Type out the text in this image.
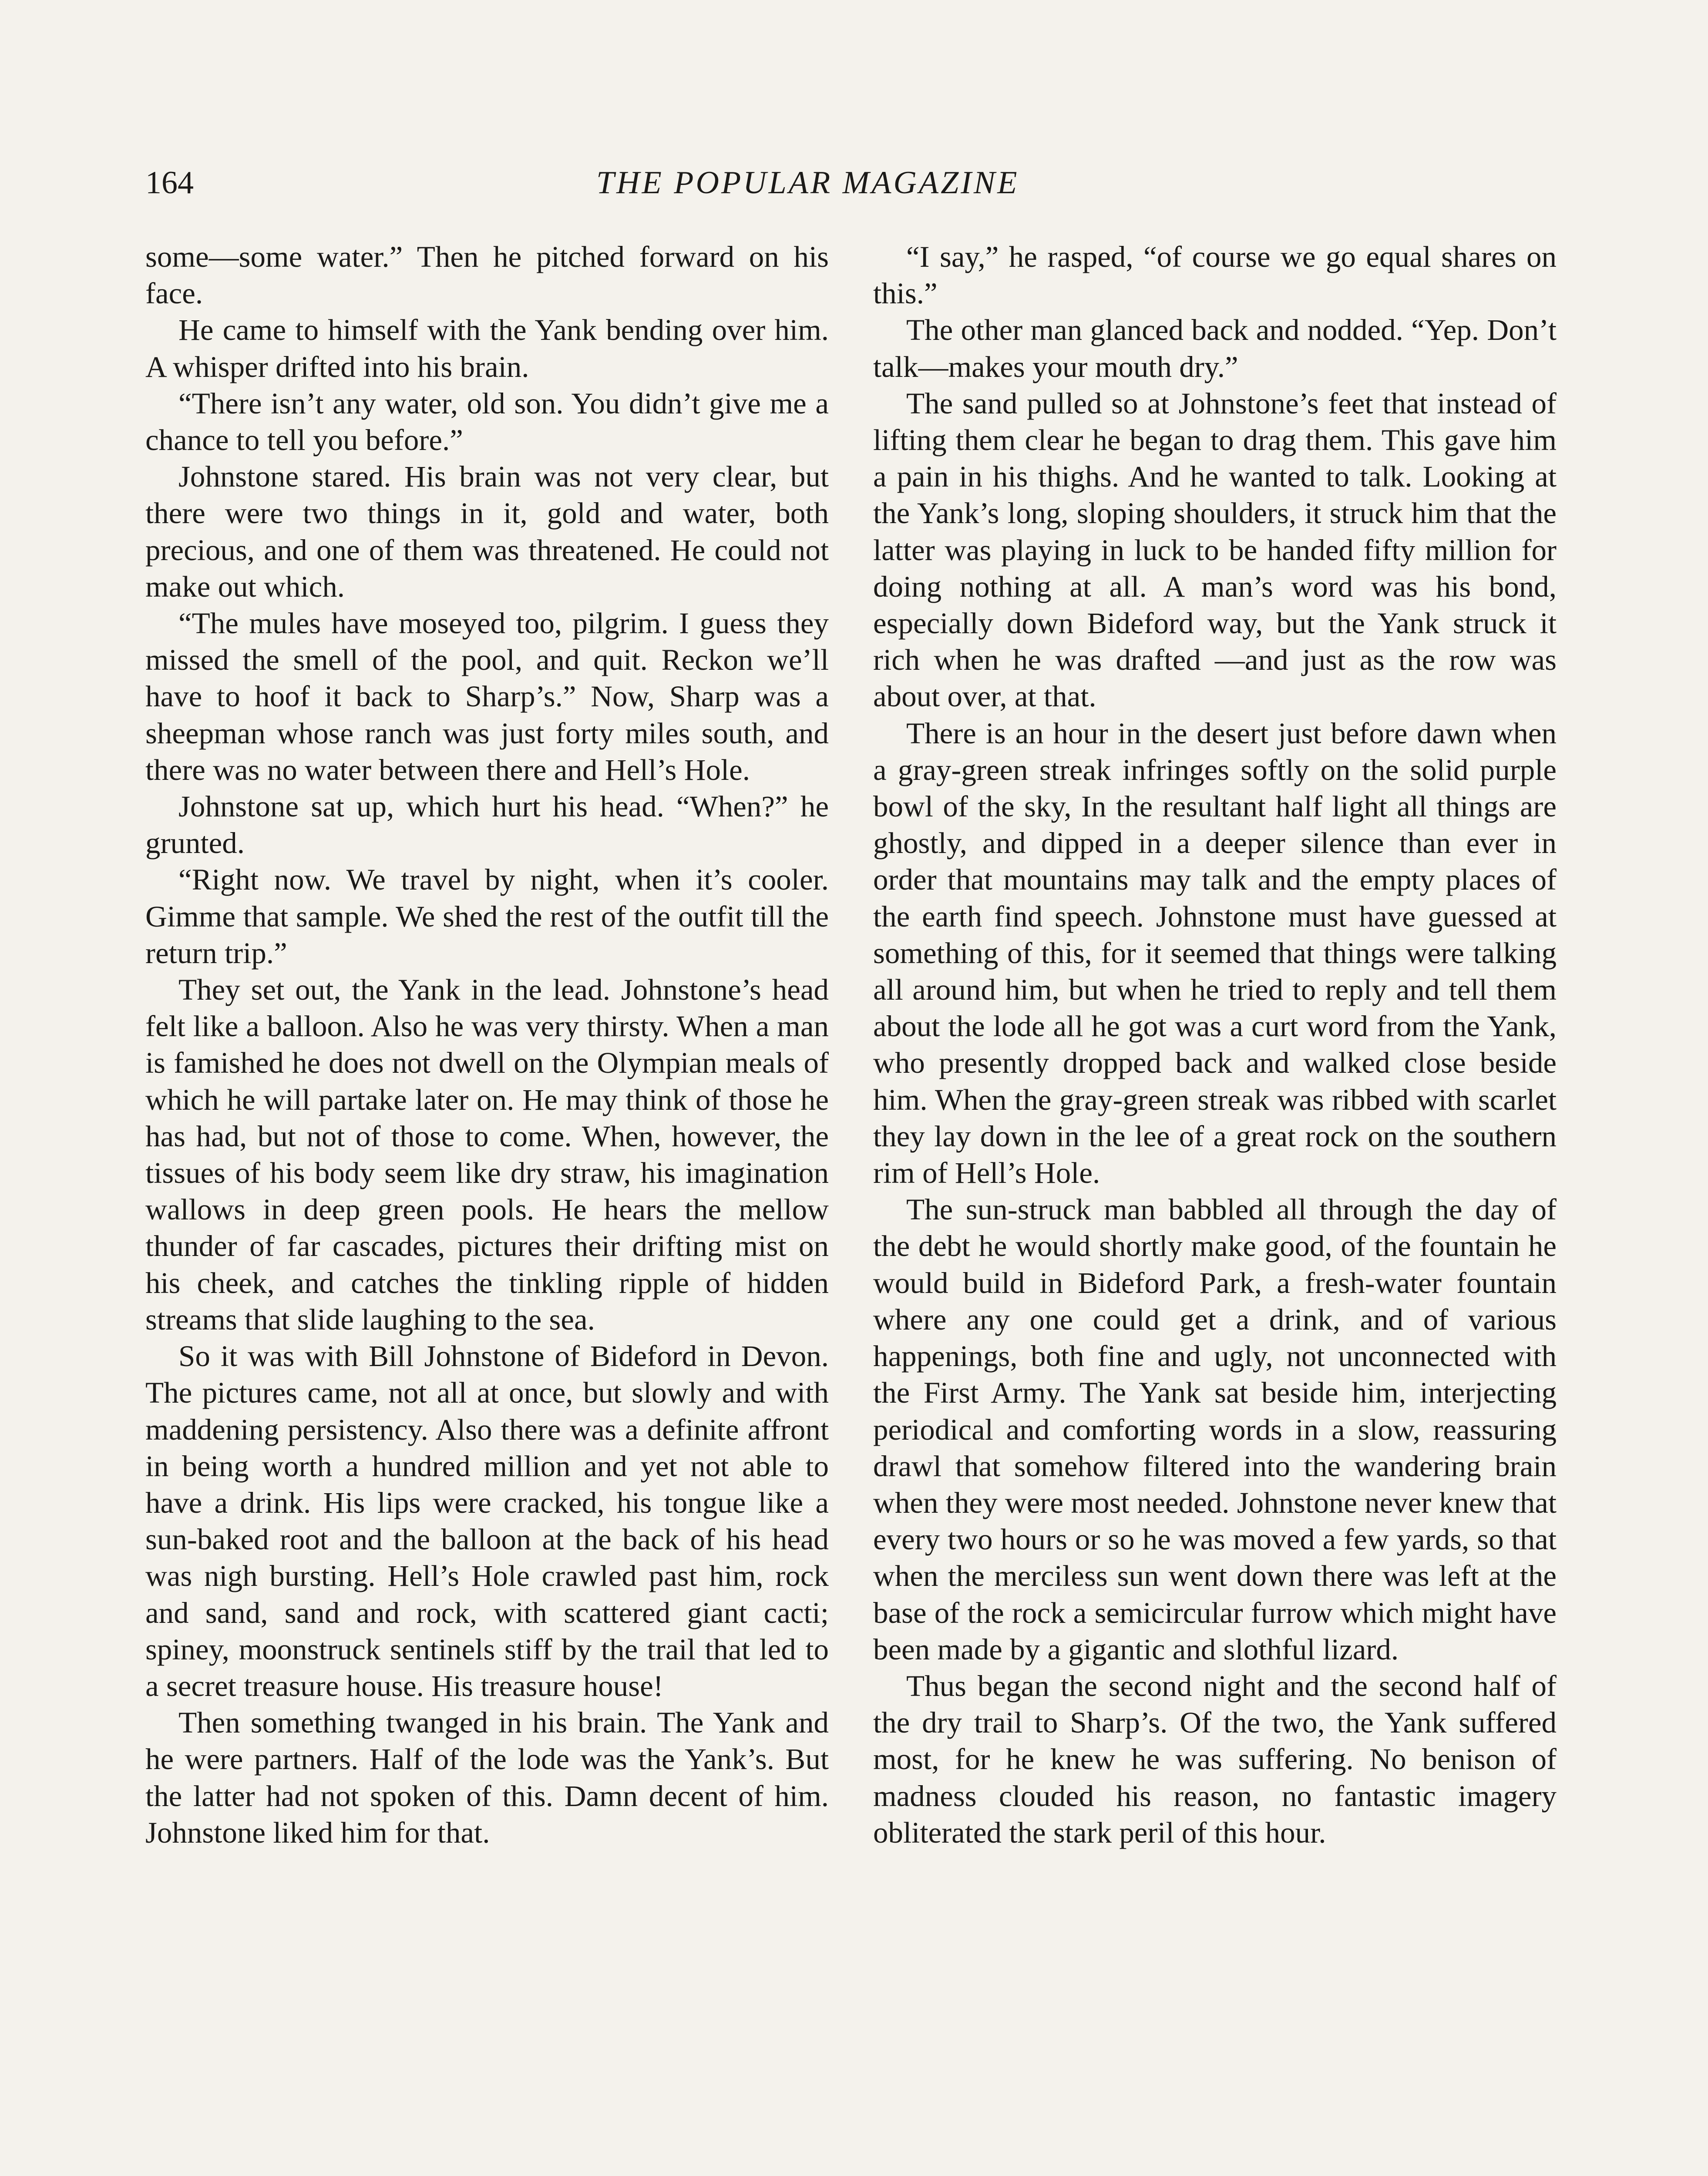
164	THE POPULAR MAGAZINE

some—some water.” Then he pitched forward on his face.

He came to himself with the Yank bending over him. A whisper drifted into his brain.

“There isn’t any water, old son. You didn’t give me a chance to tell you before.”

Johnstone stared. His brain was not very clear, but there were two things in it, gold and water, both precious, and one of them was threatened. He could not make out which.

“The mules have moseyed too, pilgrim. I guess they missed the smell of the pool, and quit. Reckon we’ll have to hoof it back to Sharp’s.” Now, Sharp was a sheepman whose ranch was just forty miles south, and there was no water between there and Hell’s Hole.

Johnstone sat up, which hurt his head. “When?” he grunted.

“Right now. We travel by night, when it’s cooler. Gimme that sample. We shed the rest of the outfit till the return trip.”

They set out, the Yank in the lead. Johnstone’s head felt like a balloon. Also he was very thirsty. When a man is famished he does not dwell on the Olympian meals of which he will partake later on. He may think of those he has had, but not of those to come. When, however, the tissues of his body seem like dry straw, his imagination wallows in deep green pools. He hears the mellow thunder of far cascades, pictures their drifting mist on his cheek, and catches the tinkling ripple of hidden streams that slide laughing to the sea.

So it was with Bill Johnstone of Bideford in Devon. The pictures came, not all at once, but slowly and with maddening persistency. Also there was a definite affront in being worth a hundred million and yet not able to have a drink. His lips were cracked, his tongue like a sun-baked root and the balloon at the back of his head was nigh bursting. Hell’s Hole crawled past him, rock and sand, sand and rock, with scattered giant cacti; spiney, moonstruck sentinels stiff by the trail that led to a secret treasure house. His treasure house!

Then something twanged in his brain. The Yank and he were partners. Half of the lode was the Yank’s. But the latter had not spoken of this. Damn decent of him. Johnstone liked him for that.

“I say,” he rasped, “of course we go equal shares on this.”

The other man glanced back and nodded. “Yep. Don’t talk—makes your mouth dry.”

The sand pulled so at Johnstone’s feet that instead of lifting them clear he began to drag them. This gave him a pain in his thighs. And he wanted to talk. Looking at the Yank’s long, sloping shoulders, it struck him that the latter was playing in luck to be handed fifty million for doing nothing at all. A man’s word was his bond, especially down Bideford way, but the Yank struck it rich when he was drafted —and just as the row was about over, at that.

There is an hour in the desert just before dawn when a gray-green streak infringes softly on the solid purple bowl of the sky, In the resultant half light all things are ghostly, and dipped in a deeper silence than ever in order that mountains may talk and the empty places of the earth find speech. Johnstone must have guessed at something of this, for it seemed that things were talking all around him, but when he tried to reply and tell them about the lode all he got was a curt word from the Yank, who presently dropped back and walked close beside him. When the gray-green streak was ribbed with scarlet they lay down in the lee of a great rock on the southern rim of Hell’s Hole.

The sun-struck man babbled all through the day of the debt he would shortly make good, of the fountain he would build in Bideford Park, a fresh-water fountain where any one could get a drink, and of various happenings, both fine and ugly, not unconnected with the First Army. The Yank sat beside him, interjecting periodical and comforting words in a slow, reassuring drawl that somehow filtered into the wandering brain when they were most needed. Johnstone never knew that every two hours or so he was moved a few yards, so that when the merciless sun went down there was left at the base of the rock a semicircular furrow which might have been made by a gigantic and slothful lizard.

Thus began the second night and the second half of the dry trail to Sharp’s. Of the two, the Yank suffered most, for he knew he was suffering. No benison of madness clouded his reason, no fantastic imagery obliterated the stark peril of this hour.
